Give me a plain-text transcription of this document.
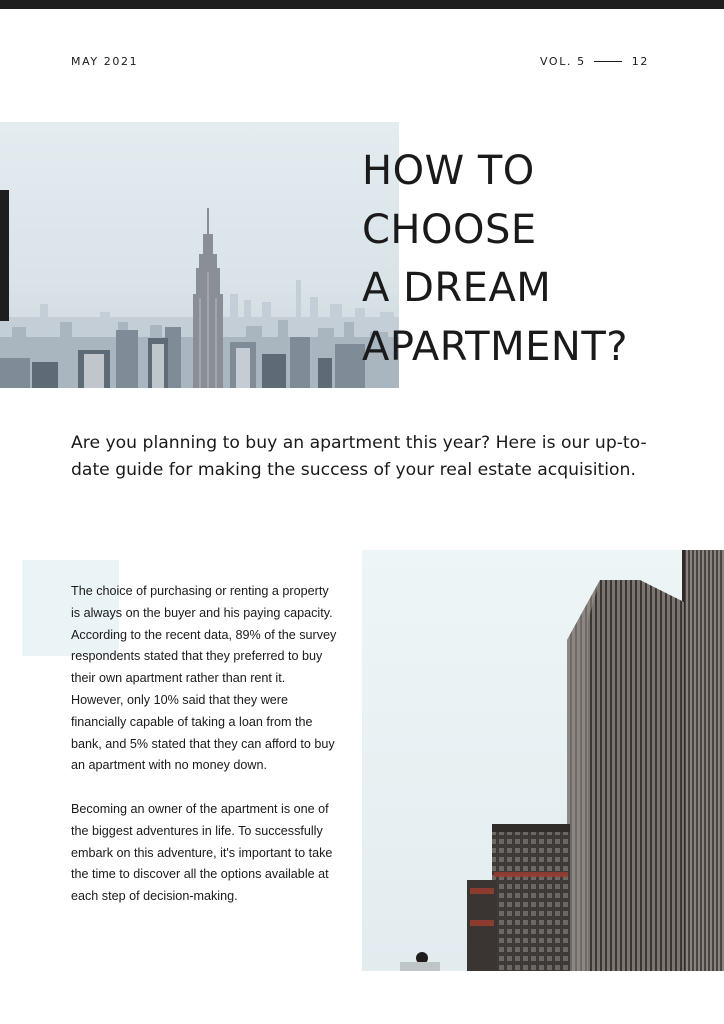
MAY 2021	VOL. 5	12
HOW TO
CHOOSE
A DREAM
APARTMENT?

Are you planning to buy an apartment this year? Here is our up-to-date guide for making the success of your real estate acquisition.

The choice of purchasing or renting a property is always on the buyer and his paying capacity. According to the recent data, 89% of the survey respondents stated that they preferred to buy their own apartment rather than rent it. However, only 10% said that they were financially capable of taking a loan from the bank, and 5% stated that they can afford to buy an apartment with no money down.

Becoming an owner of the apartment is one of the biggest adventures in life. To successfully embark on this adventure, it's important to take the time to discover all the options available at each step of decision-making.
